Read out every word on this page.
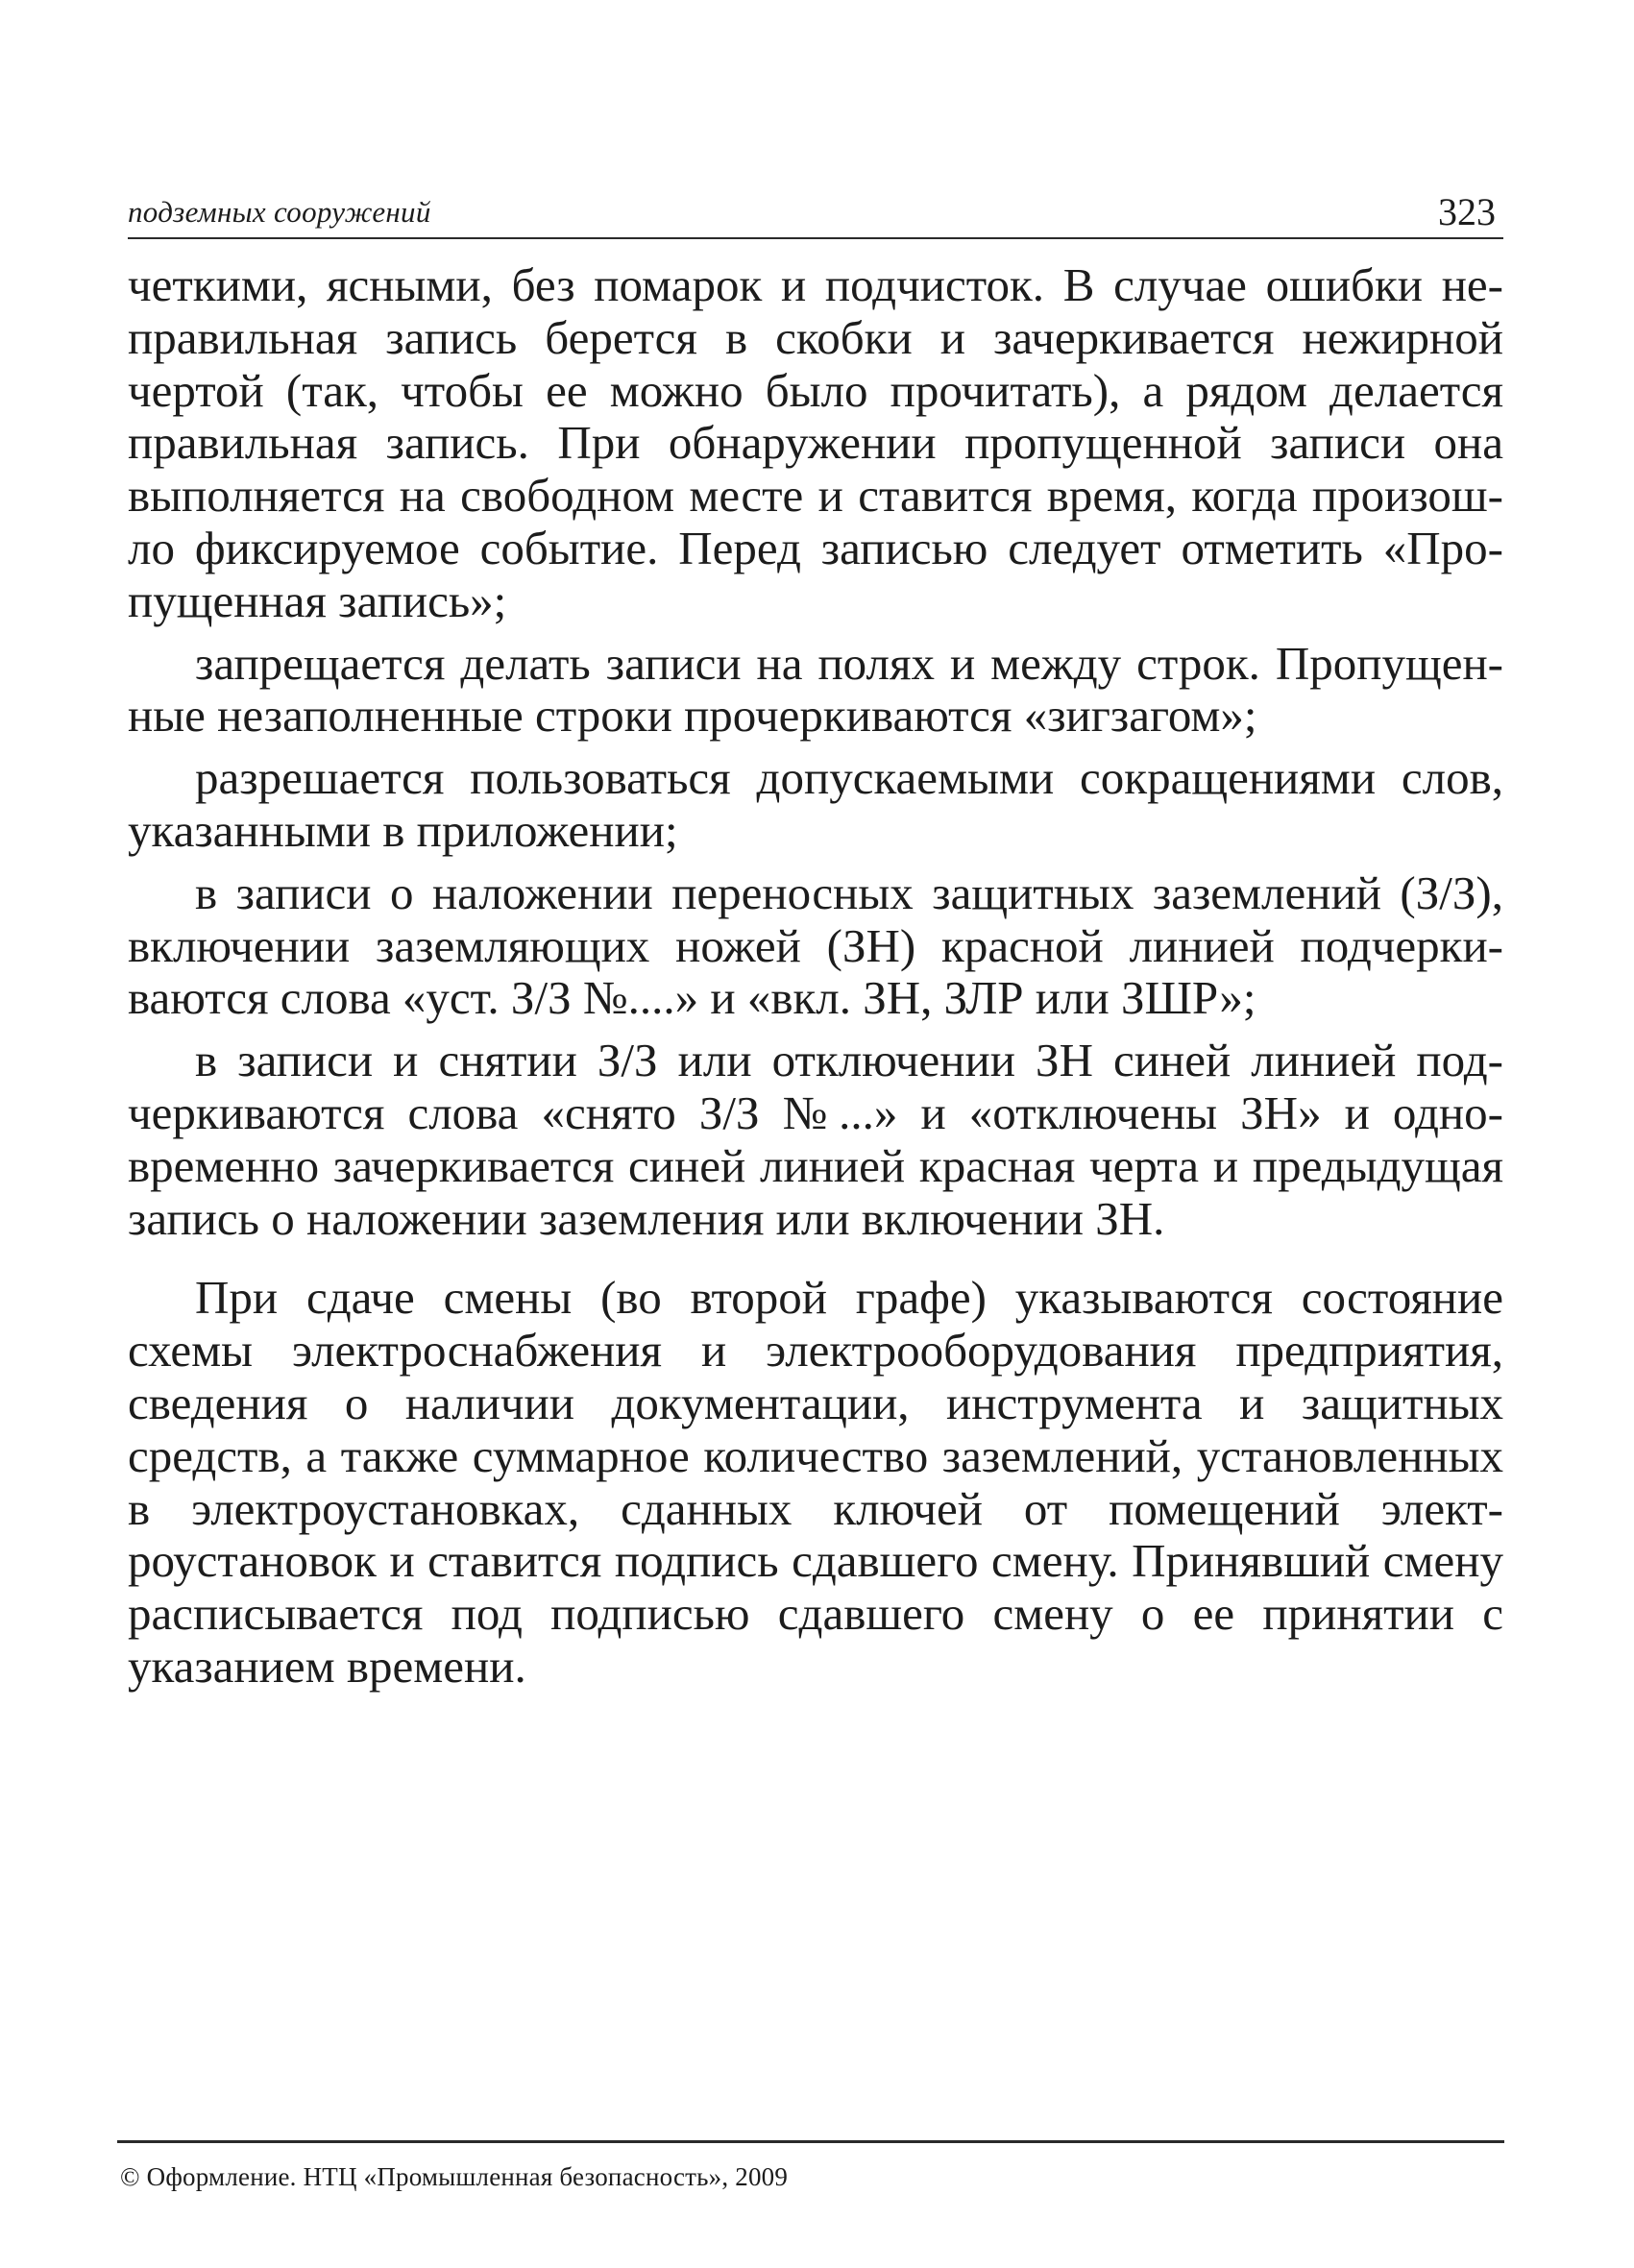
подземных сооружений	323

четкими, ясными, без помарок и подчисток. В случае ошибки неправильная запись берется в скобки и зачеркивается нежирной чертой (так, чтобы ее можно было прочитать), а рядом делается правильная запись. При обнаружении пропущенной записи она выполняется на свободном месте и ставится время, когда произошло фиксируемое событие. Перед записью следует отметить «Пропущенная запись»;

запрещается делать записи на полях и между строк. Пропущенные незаполненные строки прочеркиваются «зигзагом»;

разрешается пользоваться допускаемыми сокращениями слов, указанными в приложении;

в записи о наложении переносных защитных заземлений (З/З), включении заземляющих ножей (ЗН) красной линией подчеркиваются слова «уст. З/З №....» и «вкл. ЗН, ЗЛР или ЗШР»;

в записи и снятии З/З или отключении ЗН синей линией подчеркиваются слова «снято З/З №...» и «отключены ЗН» и одновременно зачеркивается синей линией красная черта и предыдущая запись о наложении заземления или включении ЗН.

При сдаче смены (во второй графе) указываются состояние схемы электроснабжения и электрооборудования предприятия, сведения о наличии документации, инструмента и защитных средств, а также суммарное количество заземлений, установленных в электроустановках, сданных ключей от помещений электроустановок и ставится подпись сдавшего смену. Принявший смену расписывается под подписью сдавшего смену о ее принятии с указанием времени.

© Оформление. НТЦ «Промышленная безопасность», 2009
